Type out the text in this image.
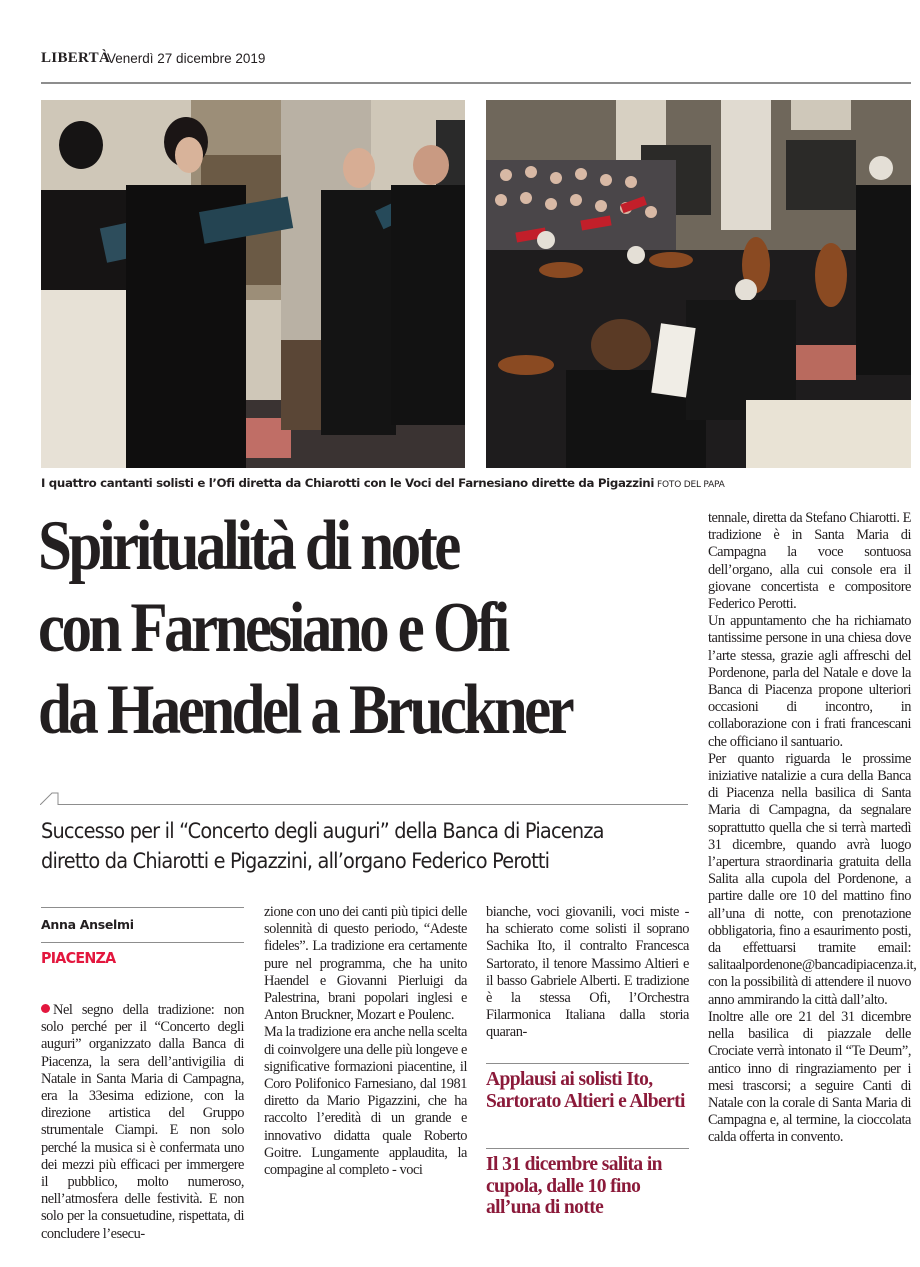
LIBERTÀ
Venerdì 27 dicembre 2019
I quattro cantanti solisti e l’Ofi diretta da Chiarotti con le Voci del Farnesiano dirette da Pigazzini FOTO DEL PAPA
Spiritualità di note
con Farnesiano e Ofi
da Haendel a Bruckner
Successo per il “Concerto degli auguri” della Banca di Piacenza
diretto da Chiarotti e Pigazzini, all’organo Federico Perotti
Anna Anselmi
PIACENZA

Nel segno della tradizione: non solo perché per il “Concerto degli auguri” organizzato dalla Banca di Piacenza, la sera dell’antivigilia di Natale in Santa Maria di Campagna, era la 33esima edizione, con la direzione artistica del Gruppo strumentale Ciampi. E non solo perché la musica si è confermata uno dei mezzi più efficaci per immergere il pubblico, molto numeroso, nell’atmosfera delle festività. E non solo per la consuetudine, rispettata, di concludere l’esecu-

zione con uno dei canti più tipici delle solennità di questo periodo, “Adeste fideles”. La tradizione era certamente pure nel programma, che ha unito Haendel e Giovanni Pierluigi da Palestrina, brani popolari inglesi e Anton Bruckner, Mozart e Poulenc.

Ma la tradizione era anche nella scelta di coinvolgere una delle più longeve e significative formazioni piacentine, il Coro Polifonico Farnesiano, dal 1981 diretto da Mario Pigazzini, che ha raccolto l’eredità di un grande e innovativo didatta quale Roberto Goitre. Lungamente applaudita, la compagine al completo - voci

bianche, voci giovanili, voci miste - ha schierato come solisti il soprano Sachika Ito, il contralto Francesca Sartorato, il tenore Massimo Altieri e il basso Gabriele Alberti. E tradizione è la stessa Ofi, l’Orchestra Filarmonica Italiana dalla storia quaran-

Applausi ai solisti Ito, Sartorato Altieri e Alberti
Il 31 dicembre salita in cupola, dalle 10 fino all’una di notte

tennale, diretta da Stefano Chiarotti. E tradizione è in Santa Maria di Campagna la voce sontuosa dell’organo, alla cui console era il giovane concertista e compositore Federico Perotti.

Un appuntamento che ha richiamato tantissime persone in una chiesa dove l’arte stessa, grazie agli affreschi del Pordenone, parla del Natale e dove la Banca di Piacenza propone ulteriori occasioni di incontro, in collaborazione con i frati francescani che officiano il santuario.

Per quanto riguarda le prossime iniziative natalizie a cura della Banca di Piacenza nella basilica di Santa Maria di Campagna, da segnalare soprattutto quella che si terrà martedì 31 dicembre, quando avrà luogo l’apertura straordinaria gratuita della Salita alla cupola del Pordenone, a partire dalle ore 10 del mattino fino all’una di notte, con prenotazione obbligatoria, fino a esaurimento posti, da effettuarsi tramite email: salitaalpordenone@bancadipiacenza.it, con la possibilità di attendere il nuovo anno ammirando la città dall’alto.

Inoltre alle ore 21 del 31 dicembre nella basilica di piazzale delle Crociate verrà intonato il “Te Deum”, antico inno di ringraziamento per i mesi trascorsi; a seguire Canti di Natale con la corale di Santa Maria di Campagna e, al termine, la cioccolata calda offerta in convento.
